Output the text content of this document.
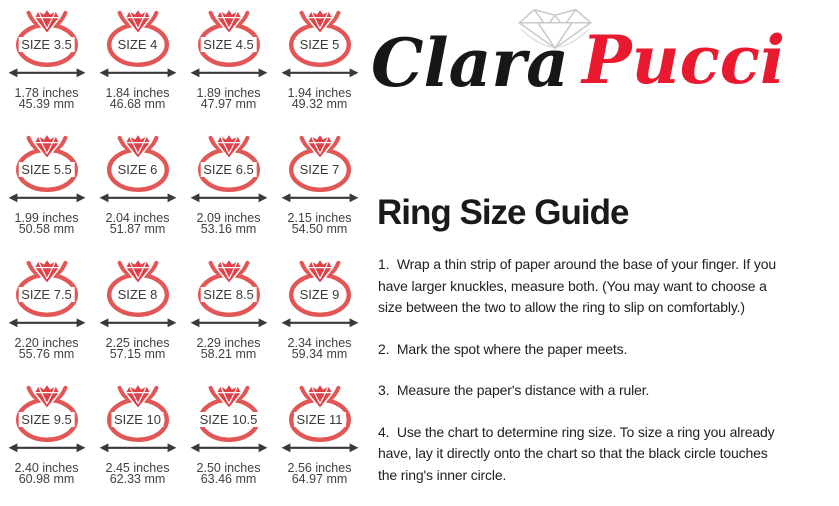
SIZE 3.5
1.78 inches
45.39 mm
SIZE 4
1.84 inches
46.68 mm
SIZE 4.5
1.89 inches
47.97 mm
SIZE 5
1.94 inches
49.32 mm
SIZE 5.5
1.99 inches
50.58 mm
SIZE 6
2.04 inches
51.87 mm
SIZE 6.5
2.09 inches
53.16 mm
SIZE 7
2.15 inches
54.50 mm
SIZE 7.5
2.20 inches
55.76 mm
SIZE 8
2.25 inches
57.15 mm
SIZE 8.5
2.29 inches
58.21 mm
SIZE 9
2.34 inches
59.34 mm
SIZE 9.5
2.40 inches
60.98 mm
SIZE 10
2.45 inches
62.33 mm
SIZE 10.5
2.50 inches
63.46 mm
SIZE 11
2.56 inches
64.97 mm
Clara Pucci
Ring Size Guide
1.  Wrap a thin strip of paper around the base of your finger. If you
have larger knuckles, measure both. (You may want to choose a
size between the two to allow the ring to slip on comfortably.)
2.  Mark the spot where the paper meets.
3.  Measure the paper's distance with a ruler.
4.  Use the chart to determine ring size. To size a ring you already
have, lay it directly onto the chart so that the black circle touches
the ring's inner circle.
